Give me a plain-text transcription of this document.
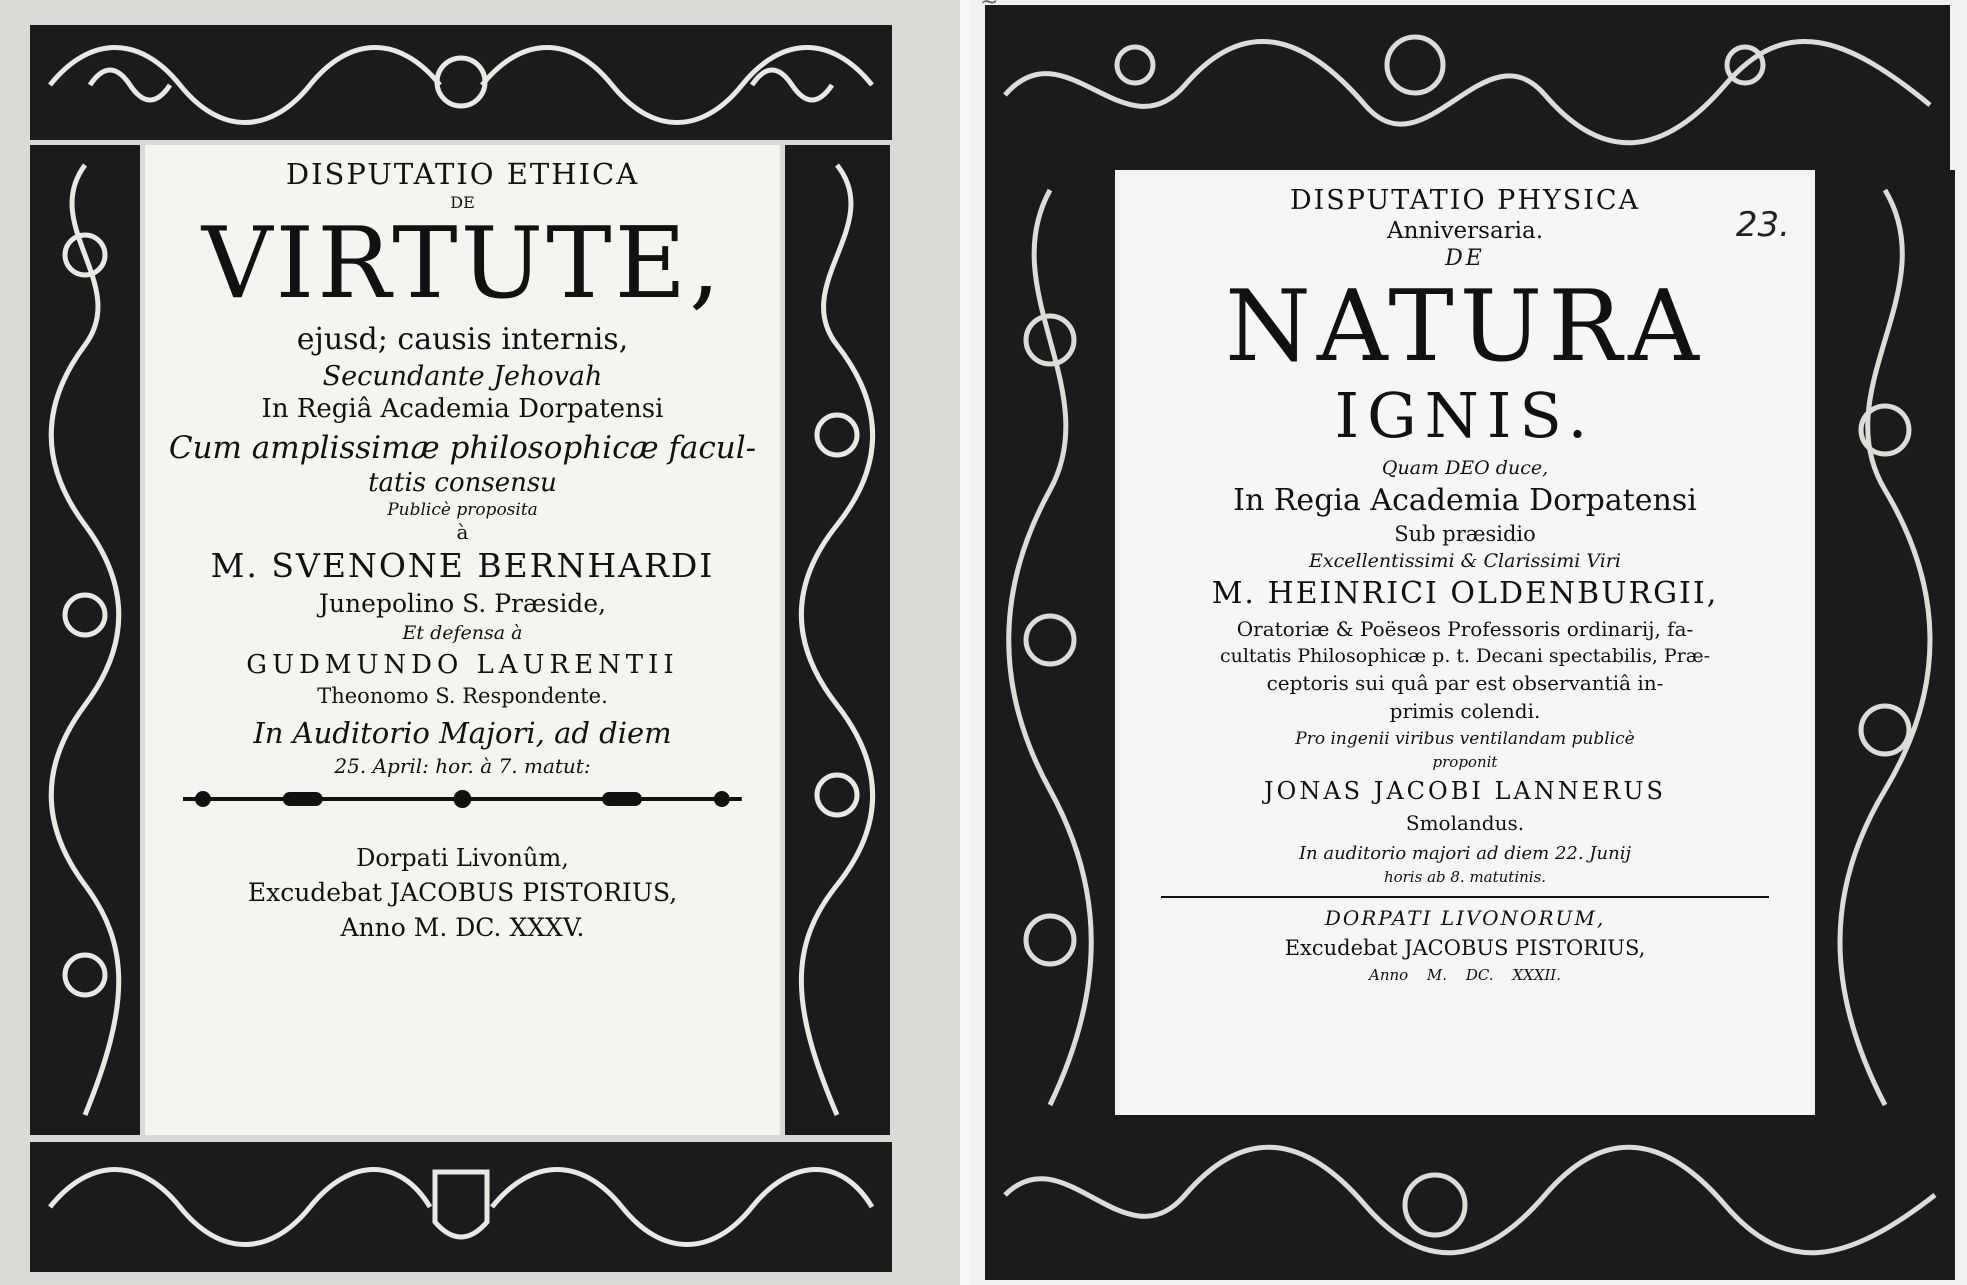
DISPUTATIO ETHICA
DE
VIRTUTE,
ejusd; causis internis,
Secundante Jehovah
In Regiâ Academia Dorpatensi
Cum amplissimæ philosophicæ facul-
tatis consensu
Publicè proposita
à
M. SVENONE BERNHARDI
Junepolino S. Præside,
Et defensa à
GUDMUNDO LAURENTII
Theonomo S. Respondente.
In Auditorio Majori, ad diem
25. April: hor. à 7. matut:
Dorpati Livonûm,
Excudebat JACOBUS PISTORIUS,
Anno M. DC. XXXV.
~
23.
DISPUTATIO PHYSICA
Anniversaria.
DE
NATURA
IGNIS.
Quam DEO duce,
In Regia Academia Dorpatensi
Sub præsidio
Excellentissimi & Clarissimi Viri
M. HEINRICI OLDENBURGII,
Oratoriæ & Poëseos Professoris ordinarij, fa-
cultatis Philosophicæ p. t. Decani spectabilis, Præ-
ceptoris sui quâ par est observantiâ in-
primis colendi.
Pro ingenii viribus ventilandam publicè
proponit
JONAS JACOBI LANNERUS
Smolandus.
In auditorio majori ad diem 22. Junij
horis ab 8. matutinis.
DORPATI LIVONORUM,
Excudebat JACOBUS PISTORIUS,
Anno M. DC. XXXII.
